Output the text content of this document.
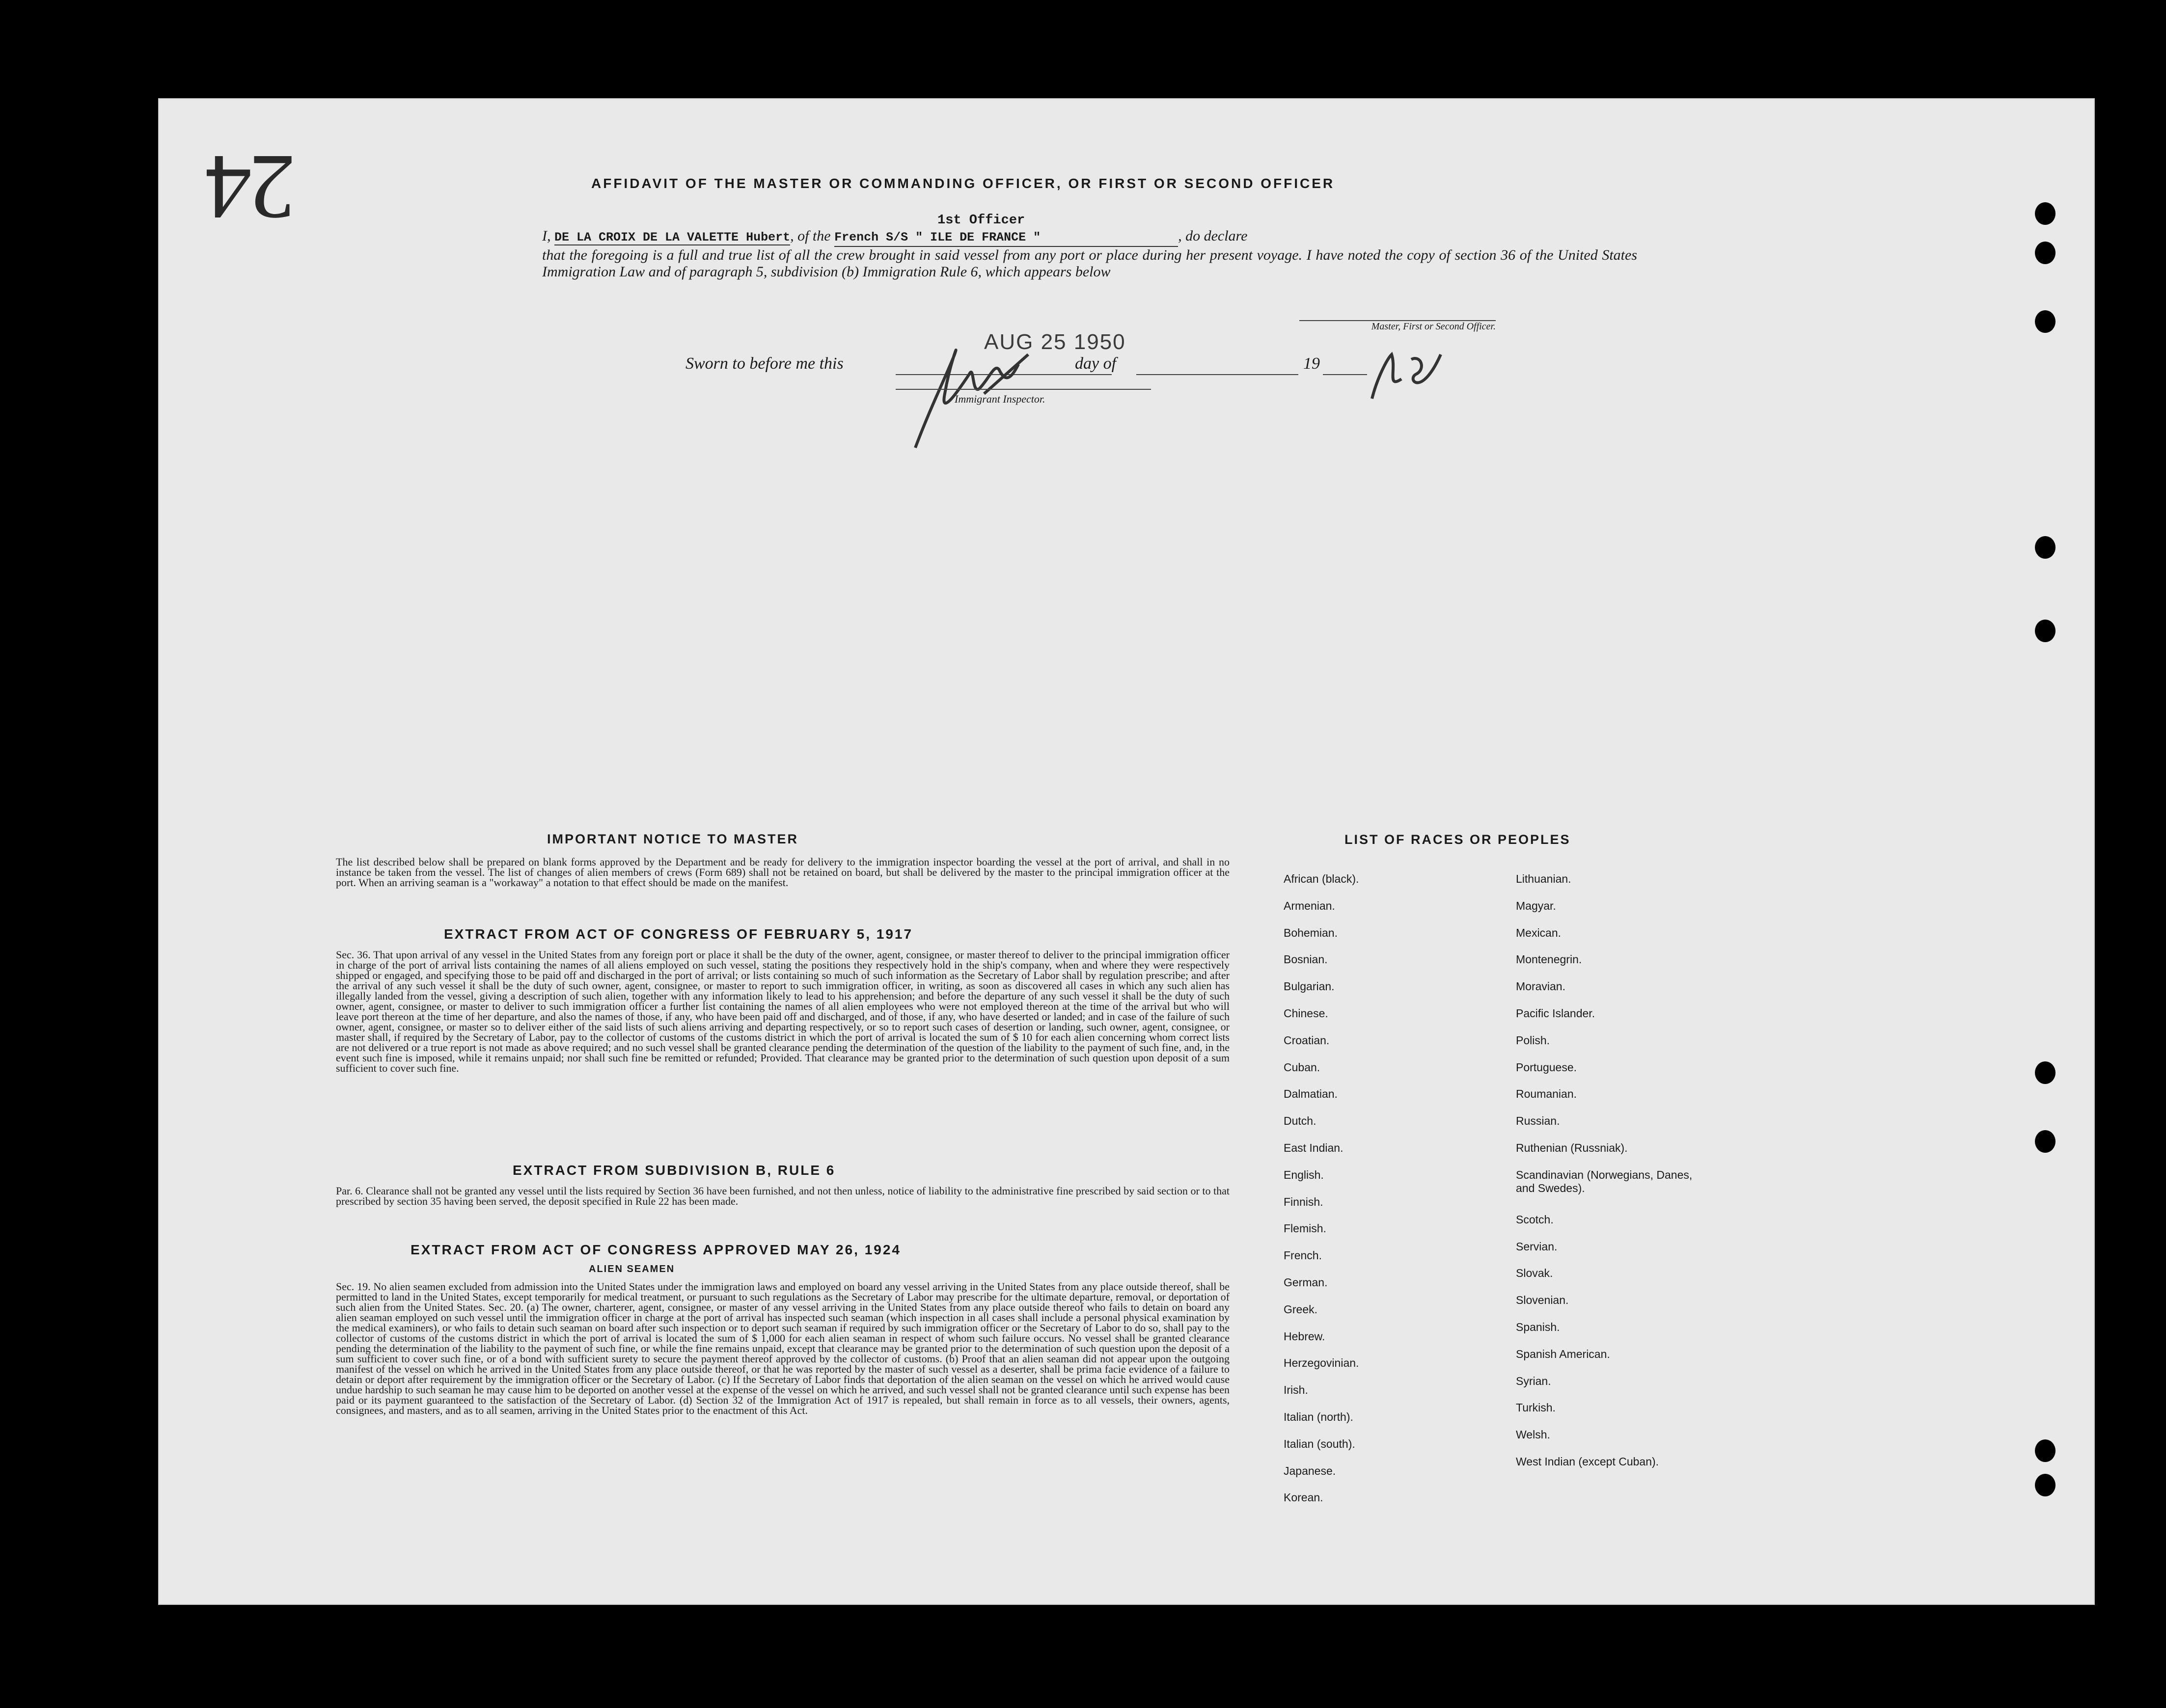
24	AFFIDAVIT OF THE MASTER OR COMMANDING OFFICER, OR FIRST OR SECOND OFFICER
1st Officer
I, DE LA CROIX DE LA VALETTE Hubert, of the French S/S " ILE DE FRANCE "	, do declare
that the foregoing is a full and true list of all the crew brought in said vessel from any port or place during her present voyage. I have noted the copy of section 36 of the United States Immigration Law and of paragraph 5, subdivision (b) Immigration Rule 6, which appears below
Master, First or Second Officer.
AUG 25 1950
Sworn to before me this	day of	19
Immigrant Inspector.
IMPORTANT NOTICE TO MASTER
The list described below shall be prepared on blank forms approved by the Department and be ready for delivery to the immigration inspector boarding the vessel at the port of arrival, and shall in no instance be taken from the vessel. The list of changes of alien members of crews (Form 689) shall not be retained on board, but shall be delivered by the master to the principal immigration officer at the port. When an arriving seaman is a "workaway" a notation to that effect should be made on the manifest.
EXTRACT FROM ACT OF CONGRESS OF FEBRUARY 5, 1917
Sec. 36. That upon arrival of any vessel in the United States from any foreign port or place it shall be the duty of the owner, agent, consignee, or master thereof to deliver to the principal immigration officer in charge of the port of arrival lists containing the names of all aliens employed on such vessel, stating the positions they respectively hold in the ship's company, when and where they were respectively shipped or engaged, and specifying those to be paid off and discharged in the port of arrival; or lists containing so much of such information as the Secretary of Labor shall by regulation prescribe; and after the arrival of any such vessel it shall be the duty of such owner, agent, consignee, or master to report to such immigration officer, in writing, as soon as discovered all cases in which any such alien has illegally landed from the vessel, giving a description of such alien, together with any information likely to lead to his apprehension; and before the departure of any such vessel it shall be the duty of such owner, agent, consignee, or master to deliver to such immigration officer a further list containing the names of all alien employees who were not employed thereon at the time of the arrival but who will leave port thereon at the time of her departure, and also the names of those, if any, who have been paid off and discharged, and of those, if any, who have deserted or landed; and in case of the failure of such owner, agent, consignee, or master so to deliver either of the said lists of such aliens arriving and departing respectively, or so to report such cases of desertion or landing, such owner, agent, consignee, or master shall, if required by the Secretary of Labor, pay to the collector of customs of the customs district in which the port of arrival is located the sum of $ 10 for each alien concerning whom correct lists are not delivered or a true report is not made as above required; and no such vessel shall be granted clearance pending the determination of the question of the liability to the payment of such fine, and, in the event such fine is imposed, while it remains unpaid; nor shall such fine be remitted or refunded; Provided. That clearance may be granted prior to the determination of such question upon deposit of a sum sufficient to cover such fine.
EXTRACT FROM SUBDIVISION B, RULE 6
Par. 6. Clearance shall not be granted any vessel until the lists required by Section 36 have been furnished, and not then unless, notice of liability to the administrative fine prescribed by said section or to that prescribed by section 35 having been served, the deposit specified in Rule 22 has been made.
EXTRACT FROM ACT OF CONGRESS APPROVED MAY 26, 1924
ALIEN SEAMEN
Sec. 19. No alien seamen excluded from admission into the United States under the immigration laws and employed on board any vessel arriving in the United States from any place outside thereof, shall be permitted to land in the United States, except temporarily for medical treatment, or pursuant to such regulations as the Secretary of Labor may prescribe for the ultimate departure, removal, or deportation of such alien from the United States. Sec. 20. (a) The owner, charterer, agent, consignee, or master of any vessel arriving in the United States from any place outside thereof who fails to detain on board any alien seaman employed on such vessel until the immigration officer in charge at the port of arrival has inspected such seaman (which inspection in all cases shall include a personal physical examination by the medical examiners), or who fails to detain such seaman on board after such inspection or to deport such seaman if required by such immigration officer or the Secretary of Labor to do so, shall pay to the collector of customs of the customs district in which the port of arrival is located the sum of $ 1,000 for each alien seaman in respect of whom such failure occurs. No vessel shall be granted clearance pending the determination of the liability to the payment of such fine, or while the fine remains unpaid, except that clearance may be granted prior to the determination of such question upon the deposit of a sum sufficient to cover such fine, or of a bond with sufficient surety to secure the payment thereof approved by the collector of customs. (b) Proof that an alien seaman did not appear upon the outgoing manifest of the vessel on which he arrived in the United States from any place outside thereof, or that he was reported by the master of such vessel as a deserter, shall be prima facie evidence of a failure to detain or deport after requirement by the immigration officer or the Secretary of Labor. (c) If the Secretary of Labor finds that deportation of the alien seaman on the vessel on which he arrived would cause undue hardship to such seaman he may cause him to be deported on another vessel at the expense of the vessel on which he arrived, and such vessel shall not be granted clearance until such expense has been paid or its payment guaranteed to the satisfaction of the Secretary of Labor. (d) Section 32 of the Immigration Act of 1917 is repealed, but shall remain in force as to all vessels, their owners, agents, consignees, and masters, and as to all seamen, arriving in the United States prior to the enactment of this Act.
LIST OF RACES OR PEOPLES
African (black).
Armenian.
Bohemian.
Bosnian.
Bulgarian.
Chinese.
Croatian.
Cuban.
Dalmatian.
Dutch.
East Indian.
English.
Finnish.
Flemish.
French.
German.
Greek.
Hebrew.
Herzegovinian.
Irish.
Italian (north).
Italian (south).
Japanese.
Korean.
Lithuanian.
Magyar.
Mexican.
Montenegrin.
Moravian.
Pacific Islander.
Polish.
Portuguese.
Roumanian.
Russian.
Ruthenian (Russniak).
Scandinavian (Norwegians, Danes, and Swedes).
Scotch.
Servian.
Slovak.
Slovenian.
Spanish.
Spanish American.
Syrian.
Turkish.
Welsh.
West Indian (except Cuban).
